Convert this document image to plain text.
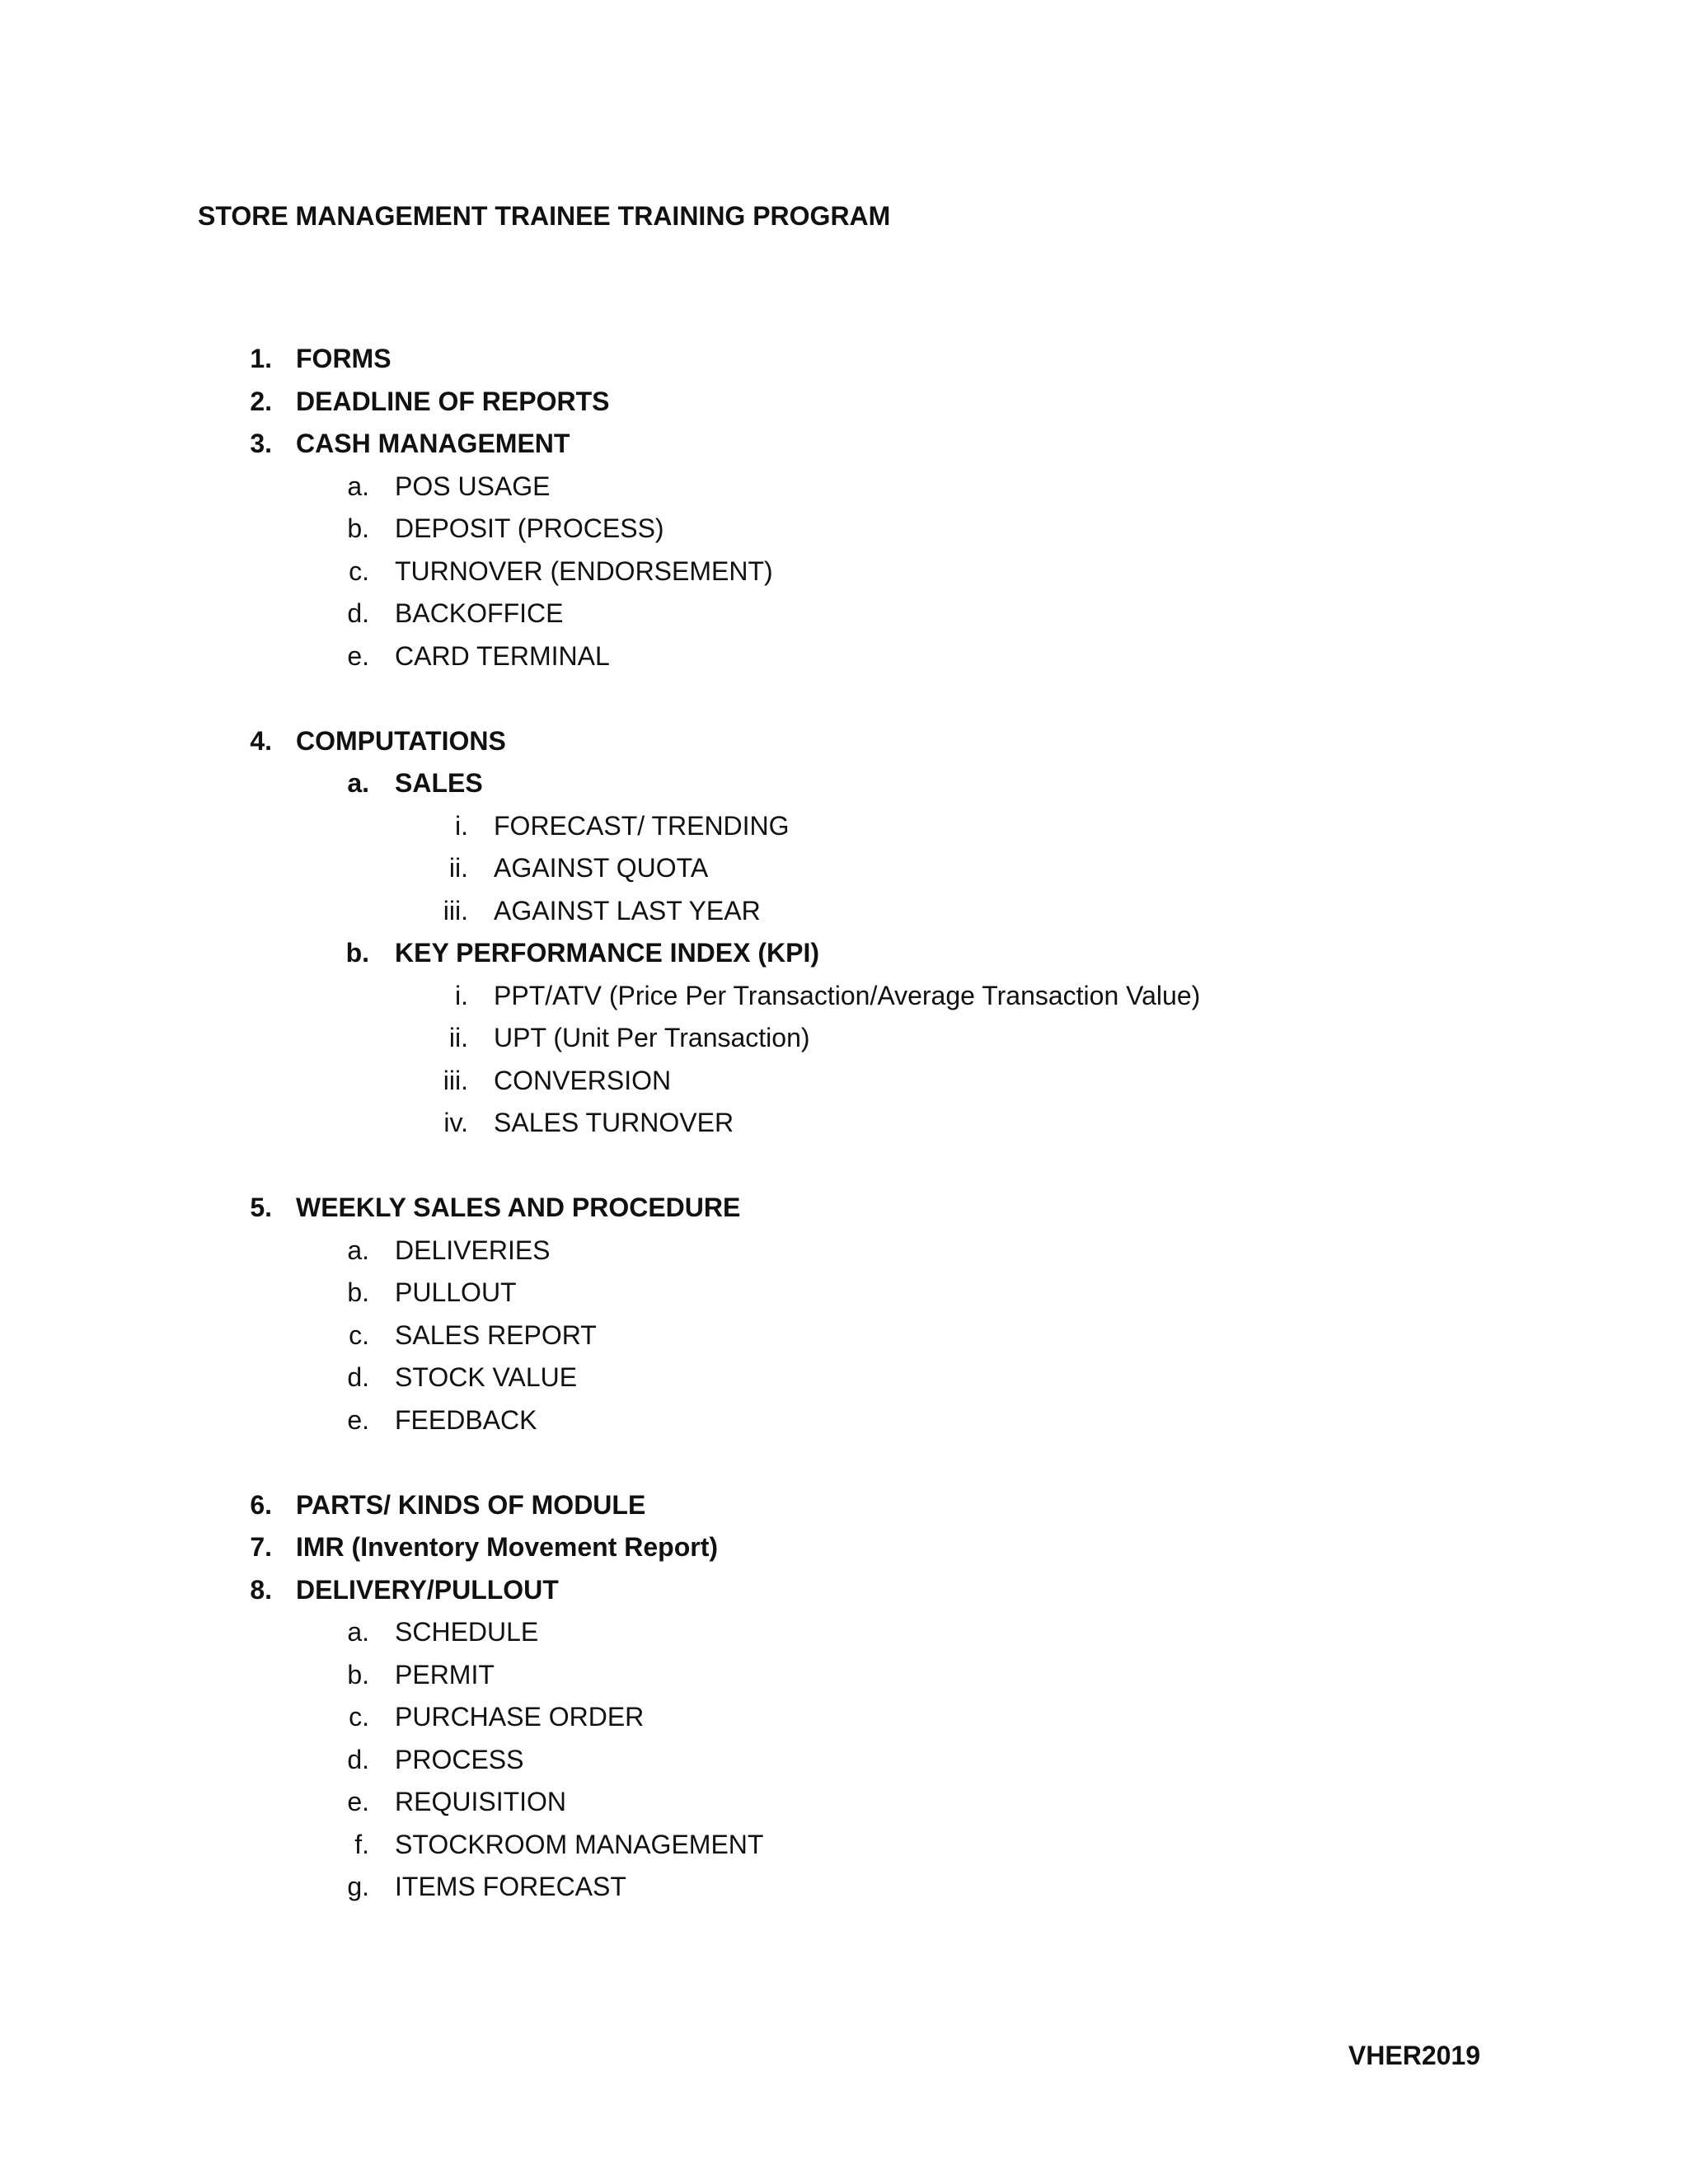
STORE MANAGEMENT TRAINEE TRAINING PROGRAM
1. FORMS
2. DEADLINE OF REPORTS
3. CASH MANAGEMENT
a. POS USAGE
b. DEPOSIT (PROCESS)
c. TURNOVER (ENDORSEMENT)
d. BACKOFFICE
e. CARD TERMINAL
4. COMPUTATIONS
a. SALES
i. FORECAST/ TRENDING
ii. AGAINST QUOTA
iii. AGAINST LAST YEAR
b. KEY PERFORMANCE INDEX (KPI)
i. PPT/ATV (Price Per Transaction/Average Transaction Value)
ii. UPT (Unit Per Transaction)
iii. CONVERSION
iv. SALES TURNOVER
5. WEEKLY SALES AND PROCEDURE
a. DELIVERIES
b. PULLOUT
c. SALES REPORT
d. STOCK VALUE
e. FEEDBACK
6. PARTS/ KINDS OF MODULE
7. IMR (Inventory Movement Report)
8. DELIVERY/PULLOUT
a. SCHEDULE
b. PERMIT
c. PURCHASE ORDER
d. PROCESS
e. REQUISITION
f. STOCKROOM MANAGEMENT
g. ITEMS FORECAST
VHER2019
